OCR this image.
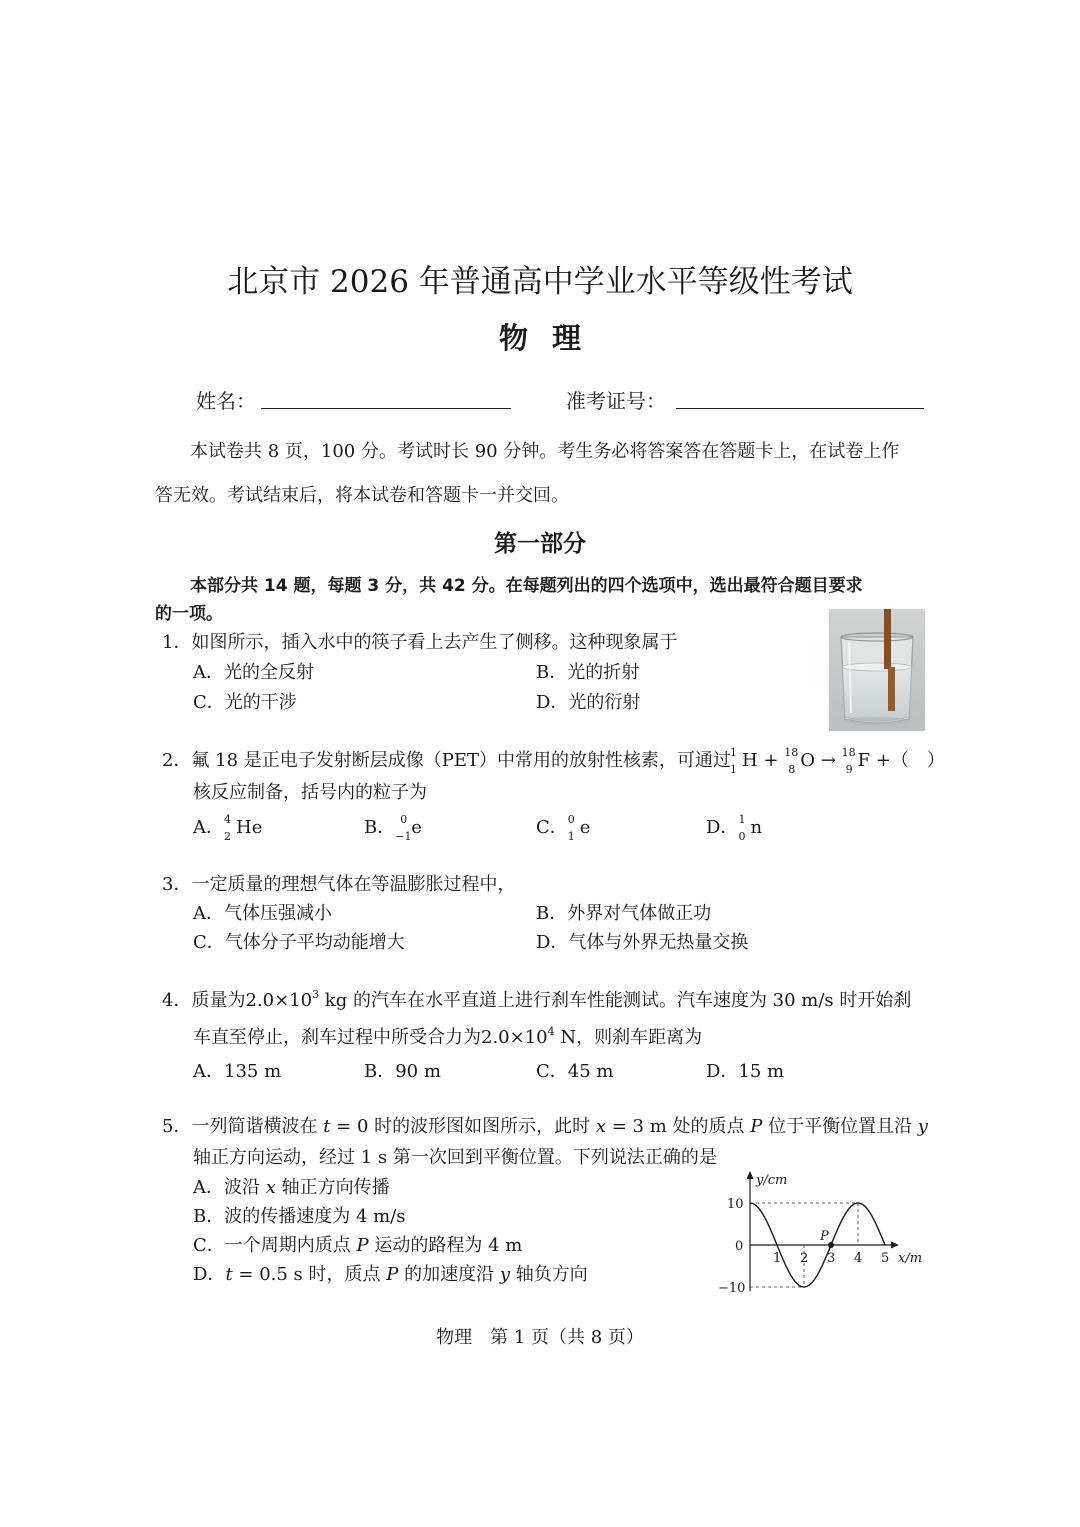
北京市 2026 年普通高中学业水平等级性考试
物理
姓名：	准考证号：
本试卷共 8 页，100 分。考试时长 90 分钟。考生务必将答案答在答题卡上，在试卷上作
答无效。考试结束后，将本试卷和答题卡一并交回。
第一部分
本部分共 14 题，每题 3 分，共 42 分。在每题列出的四个选项中，选出最符合题目要求
的一项。
1．如图所示，插入水中的筷子看上去产生了侧移。这种现象属于
A．光的全反射	B．光的折射
C．光的干涉	D．光的衍射
2．氟 18 是正电子发射断层成像（PET）中常用的放射性核素，可通过
1
1 H + 18
8 O → 18
9 F +（　）
核反应制备，括号内的粒子为
A． 4
2 He	B． 0
−1 e	C． 0
1 e	D． 1
0 n
3．一定质量的理想气体在等温膨胀过程中，
A．气体压强减小	B．外界对气体做正功
C．气体分子平均动能增大	D．气体与外界无热量交换
4．质量为$2.0\times 10^3$ kg 的汽车在水平直道上进行刹车性能测试。汽车速度为 30 m/s 时开始刹
车直至停止，刹车过程中所受合力为$2.0\times 10^4$ N，则刹车距离为
A．135 m	B．90 m	C．45 m	D．15 m
5．一列简谐横波在 t = 0 时的波形图如图所示，此时 x = 3 m 处的质点 P 位于平衡位置且沿 y
轴正方向运动，经过 1 s 第一次回到平衡位置。下列说法正确的是
A．波沿 x 轴正方向传播
B．波的传播速度为 4 m/s
C．一个周期内质点 P 运动的路程为 4 m
D．t = 0.5 s 时，质点 P 的加速度沿 y 轴负方向
P
y/cm
x/m
10
0
−10
1 2 3 4 5
物理　第 1 页（共 8 页）
